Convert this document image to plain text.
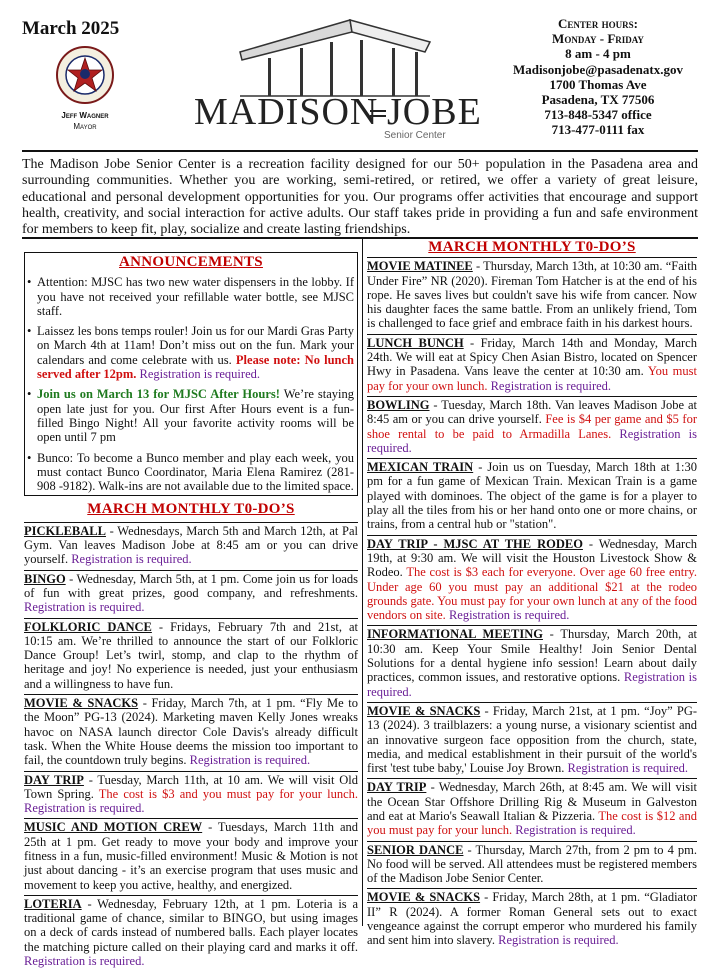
March 2025
Jeff Wagner
Mayor	MADISON JOBE
Senior Center
Center hours:
Monday - Friday
8 am - 4 pm
Madisonjobe@pasadenatx.gov
1700 Thomas Ave
Pasadena, TX 77506
713-848-5347 office
713-477-0111 fax
The Madison Jobe Senior Center is a recreation facility designed for our 50+ population in the Pasadena area and surrounding communities. Whether you are working, semi-retired, or retired, we offer a variety of great leisure, educational and personal development opportunities for you. Our programs offer activities that encourage and support health, creativity, and social interaction for active adults. Our staff takes pride in providing a fun and safe environment for members to keep fit, play, socialize and create lasting friendships.
ANNOUNCEMENTS
• Attention: MJSC has two new water dispensers in the lobby. If you have not received your refillable water bottle, see MJSC staff.
• Laissez les bons temps rouler! Join us for our Mardi Gras Party on March 4th at 11am! Don’t miss out on the fun. Mark your calendars and come celebrate with us. Please note: No lunch served after 12pm. Registration is required.
• Join us on March 13 for MJSC After Hours! We’re staying open late just for you. Our first After Hours event is a fun-filled Bingo Night! All your favorite activity rooms will be open until 7 pm
• Bunco: To become a Bunco member and play each week, you must contact Bunco Coordinator, Maria Elena Ramirez (281-908 -9182). Walk-ins are not available due to the limited space.
MARCH MONTHLY T0-DO’S
PICKLEBALL - Wednesdays, March 5th and March 12th, at Pal Gym. Van leaves Madison Jobe at 8:45 am or you can drive yourself. Registration is required.
BINGO - Wednesday, March 5th, at 1 pm. Come join us for loads of fun with great prizes, good company, and refreshments. Registration is required.
FOLKLORIC DANCE - Fridays, February 7th and 21st, at 10:15 am. We’re thrilled to announce the start of our Folkloric Dance Group! Let’s twirl, stomp, and clap to the rhythm of heritage and joy! No experience is needed, just your enthusiasm and a willingness to have fun.
MOVIE & SNACKS - Friday, March 7th, at 1 pm. “Fly Me to the Moon” PG-13 (2024). Marketing maven Kelly Jones wreaks havoc on NASA launch director Cole Davis's already difficult task. When the White House deems the mission too important to fail, the countdown truly begins. Registration is required.
DAY TRIP - Tuesday, March 11th, at 10 am. We will visit Old Town Spring. The cost is $3 and you must pay for your lunch. Registration is required.
MUSIC AND MOTION CREW - Tuesdays, March 11th and 25th at 1 pm. Get ready to move your body and improve your fitness in a fun, music-filled environment! Music & Motion is not just about dancing - it’s an exercise program that uses music and movement to keep you active, healthy, and energized.
LOTERIA - Wednesday, February 12th, at 1 pm. Loteria is a traditional game of chance, similar to BINGO, but using images on a deck of cards instead of numbered balls. Each player locates the matching picture called on their playing card and marks it off. Registration is required.
MARCH MONTHLY T0-DO’S
MOVIE MATINEE - Thursday, March 13th, at 10:30 am. “Faith Under Fire” NR (2020). Fireman Tom Hatcher is at the end of his rope. He saves lives but couldn't save his wife from cancer. Now his daughter faces the same battle. From an unlikely friend, Tom is challenged to face grief and embrace faith in his darkest hours.
LUNCH BUNCH - Friday, March 14th and Monday, March 24th. We will eat at Spicy Chen Asian Bistro, located on Spencer Hwy in Pasadena. Vans leave the center at 10:30 am. You must pay for your own lunch. Registration is required.
BOWLING - Tuesday, March 18th. Van leaves Madison Jobe at 8:45 am or you can drive yourself. Fee is $4 per game and $5 for shoe rental to be paid to Armadilla Lanes. Registration is required.
MEXICAN TRAIN - Join us on Tuesday, March 18th at 1:30 pm for a fun game of Mexican Train. Mexican Train is a game played with dominoes. The object of the game is for a player to play all the tiles from his or her hand onto one or more chains, or trains, from a central hub or "station".
DAY TRIP - MJSC AT THE RODEO - Wednesday, March 19th, at 9:30 am. We will visit the Houston Livestock Show & Rodeo. The cost is $3 each for everyone. Over age 60 free entry. Under age 60 you must pay an additional $21 at the rodeo grounds gate. You must pay for your own lunch at any of the food vendors on site. Registration is required.
INFORMATIONAL MEETING - Thursday, March 20th, at 10:30 am. Keep Your Smile Healthy! Join Senior Dental Solutions for a dental hygiene info session! Learn about daily practices, common issues, and restorative options. Registration is required.
MOVIE & SNACKS - Friday, March 21st, at 1 pm. “Joy” PG-13 (2024). 3 trailblazers: a young nurse, a visionary scientist and an innovative surgeon face opposition from the church, state, media, and medical establishment in their pursuit of the world's first 'test tube baby,' Louise Joy Brown. Registration is required.
DAY TRIP - Wednesday, March 26th, at 8:45 am. We will visit the Ocean Star Offshore Drilling Rig & Museum in Galveston and eat at Mario's Seawall Italian & Pizzeria. The cost is $12 and you must pay for your lunch. Registration is required.
SENIOR DANCE - Thursday, March 27th, from 2 pm to 4 pm. No food will be served. All attendees must be registered members of the Madison Jobe Senior Center.
MOVIE & SNACKS - Friday, March 28th, at 1 pm. “Gladiator II” R (2024). A former Roman General sets out to exact vengeance against the corrupt emperor who murdered his family and sent him into slavery. Registration is required.
